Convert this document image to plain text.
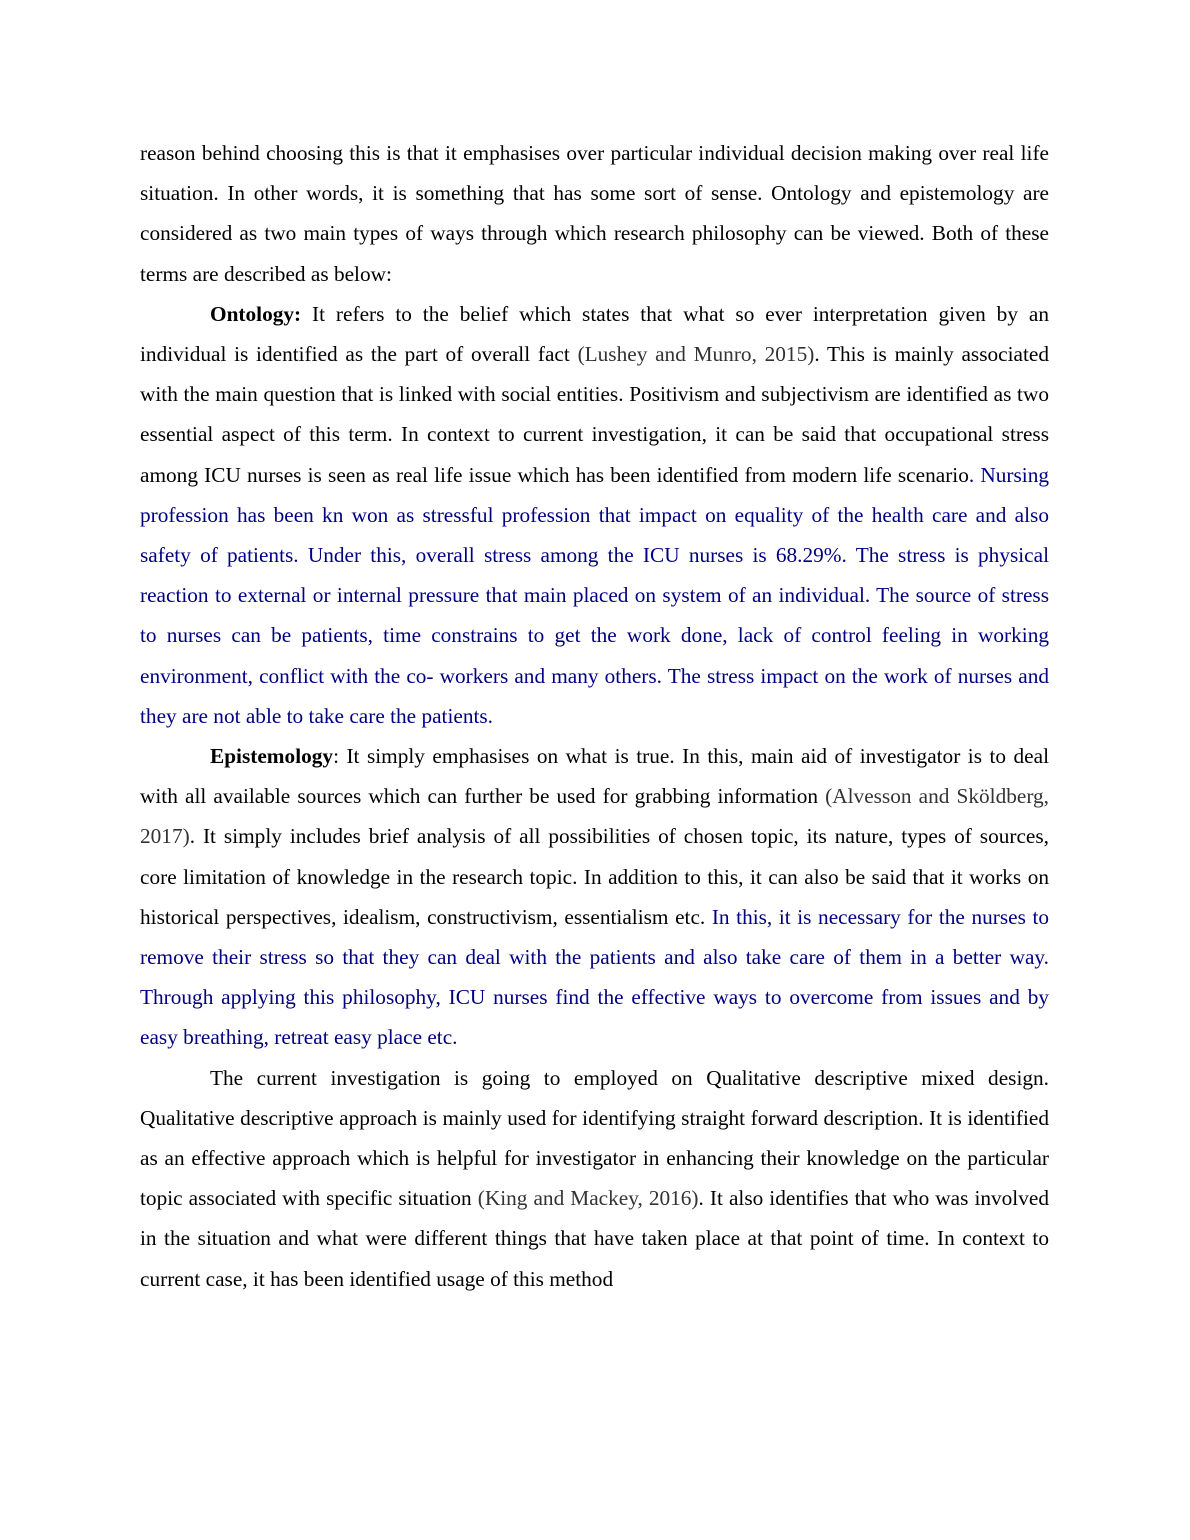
reason behind choosing this is that it emphasises over particular individual decision making over real life situation. In other words, it is something that has some sort of sense. Ontology and epistemology are considered as two main types of ways through which research philosophy can be viewed. Both of these terms are described as below:

Ontology: It refers to the belief which states that what so ever interpretation given by an individual is identified as the part of overall fact (Lushey and Munro, 2015). This is mainly associated with the main question that is linked with social entities. Positivism and subjectivism are identified as two essential aspect of this term. In context to current investigation, it can be said that occupational stress among ICU nurses is seen as real life issue which has been identified from modern life scenario. Nursing profession has been kn won as stressful profession that impact on equality of the health care and also safety of patients. Under this, overall stress among the ICU nurses is 68.29%. The stress is physical reaction to external or internal pressure that main placed on system of an individual. The source of stress to nurses can be patients, time constrains to get the work done, lack of control feeling in working environment, conflict with the co- workers and many others. The stress impact on the work of nurses and they are not able to take care the patients.

Epistemology: It simply emphasises on what is true. In this, main aid of investigator is to deal with all available sources which can further be used for grabbing information (Alvesson and Sköldberg, 2017). It simply includes brief analysis of all possibilities of chosen topic, its nature, types of sources, core limitation of knowledge in the research topic. In addition to this, it can also be said that it works on historical perspectives, idealism, constructivism, essentialism etc. In this, it is necessary for the nurses to remove their stress so that they can deal with the patients and also take care of them in a better way. Through applying this philosophy, ICU nurses find the effective ways to overcome from issues and by easy breathing, retreat easy place etc.

The current investigation is going to employed on Qualitative descriptive mixed design. Qualitative descriptive approach is mainly used for identifying straight forward description. It is identified as an effective approach which is helpful for investigator in enhancing their knowledge on the particular topic associated with specific situation (King and Mackey, 2016). It also identifies that who was involved in the situation and what were different things that have taken place at that point of time. In context to current case, it has been identified usage of this method
